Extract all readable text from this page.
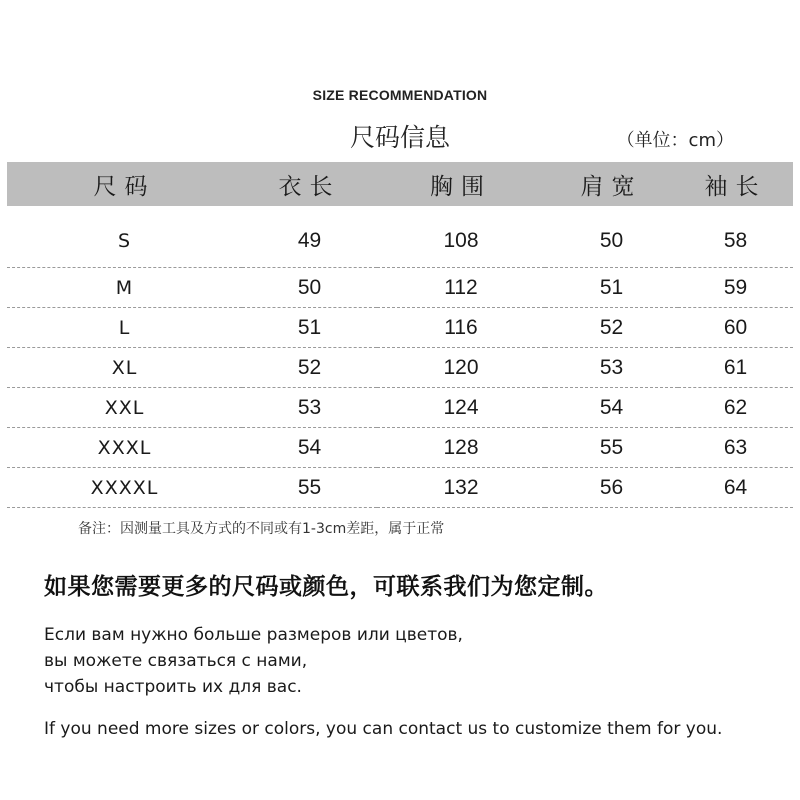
SIZE RECOMMENDATION
尺码信息	（单位：cm）
尺码	衣长	胸围	肩宽	袖长
S	49	108	50	58
M	50	112	51	59
L	51	116	52	60
XL	52	120	53	61
XXL	53	124	54	62
XXXL	54	128	55	63
XXXXL	55	132	56	64
备注：因测量工具及方式的不同或有1-3cm差距，属于正常
如果您需要更多的尺码或颜色，可联系我们为您定制。
Если вам нужно больше размеров или цветов,
вы можете связаться с нами,
чтобы настроить их для вас.
If you need more sizes or colors, you can contact us to customize them for you.
